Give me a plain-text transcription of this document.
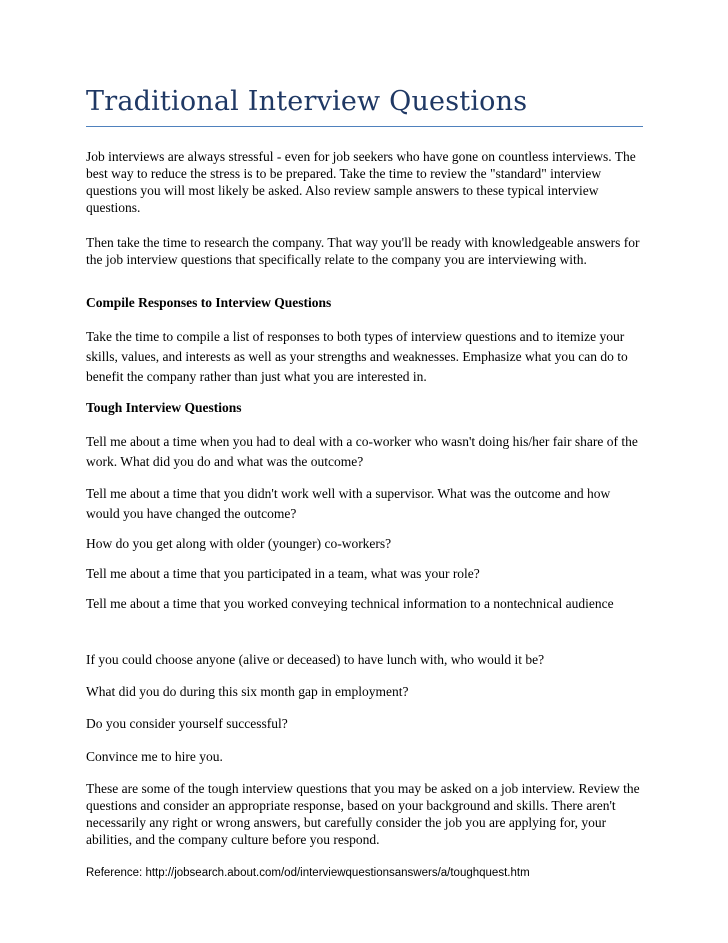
Traditional Interview Questions

Job interviews are always stressful - even for job seekers who have gone on countless interviews. The best way to reduce the stress is to be prepared. Take the time to review the "standard" interview questions you will most likely be asked. Also review sample answers to these typical interview questions.

Then take the time to research the company. That way you'll be ready with knowledgeable answers for the job interview questions that specifically relate to the company you are interviewing with.

Compile Responses to Interview Questions

Take the time to compile a list of responses to both types of interview questions and to itemize your skills, values, and interests as well as your strengths and weaknesses. Emphasize what you can do to benefit the company rather than just what you are interested in.

Tough Interview Questions

Tell me about a time when you had to deal with a co-worker who wasn't doing his/her fair share of the work. What did you do and what was the outcome?

Tell me about a time that you didn't work well with a supervisor. What was the outcome and how would you have changed the outcome?

How do you get along with older (younger) co-workers?

Tell me about a time that you participated in a team, what was your role?

Tell me about a time that you worked conveying technical information to a nontechnical audience

If you could choose anyone (alive or deceased) to have lunch with, who would it be?

What did you do during this six month gap in employment?

Do you consider yourself successful?

Convince me to hire you.

These are some of the tough interview questions that you may be asked on a job interview. Review the questions and consider an appropriate response, based on your background and skills. There aren't necessarily any right or wrong answers, but carefully consider the job you are applying for, your abilities, and the company culture before you respond.

Reference: http://jobsearch.about.com/od/interviewquestionsanswers/a/toughquest.htm
